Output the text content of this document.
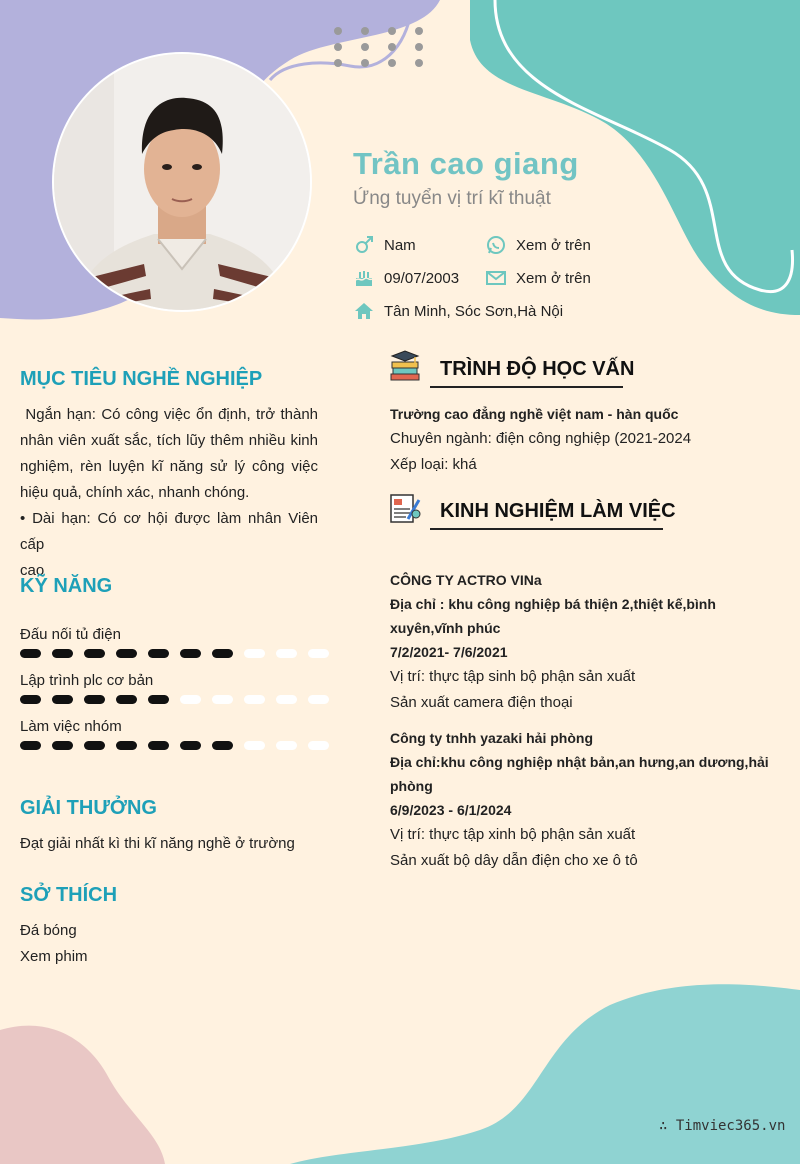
Trần cao giang
Ứng tuyển vị trí kĩ thuật
Nam	Xem ở trên
09/07/2003	Xem ở trên
Tân Minh, Sóc Sơn,Hà Nội
MỤC TIÊU NGHỀ NGHIỆP
Ngắn hạn: Có công việc ổn định, trở thành
nhân viên xuất sắc, tích lũy thêm nhiều kinh
nghiệm, rèn luyện kĩ năng sử lý công việc
hiệu quả, chính xác, nhanh chóng.
• Dài hạn: Có cơ hội được làm nhân Viên cấp
cao
KỸ NĂNG
Đấu nối tủ điện
Lập trình plc cơ bản
Làm việc nhóm
GIẢI THƯỞNG
Đạt giải nhất kì thi kĩ năng nghề ở trường
SỞ THÍCH
Đá bóng
Xem phim
TRÌNH ĐỘ HỌC VẤN
Trường cao đẳng nghề việt nam - hàn quốc
Chuyên ngành: điện công nghiệp (2021-2024
Xếp loại: khá
KINH NGHIỆM LÀM VIỆC
CÔNG TY ACTRO VINa
Địa chỉ : khu công nghiệp bá thiện 2,thiệt kế,bình
xuyên,vĩnh phúc
7/2/2021- 7/6/2021
Vị trí: thực tập sinh bộ phận sản xuất
Sản xuất camera điện thoại
Công ty tnhh yazaki hải phòng
Địa chỉ:khu công nghiệp nhật bản,an hưng,an dương,hải
phòng
6/9/2023 - 6/1/2024
Vị trí: thực tập xinh bộ phận sản xuất
Sản xuất bộ dây dẫn điện cho xe ô tô
∴ Timviec365.vn
